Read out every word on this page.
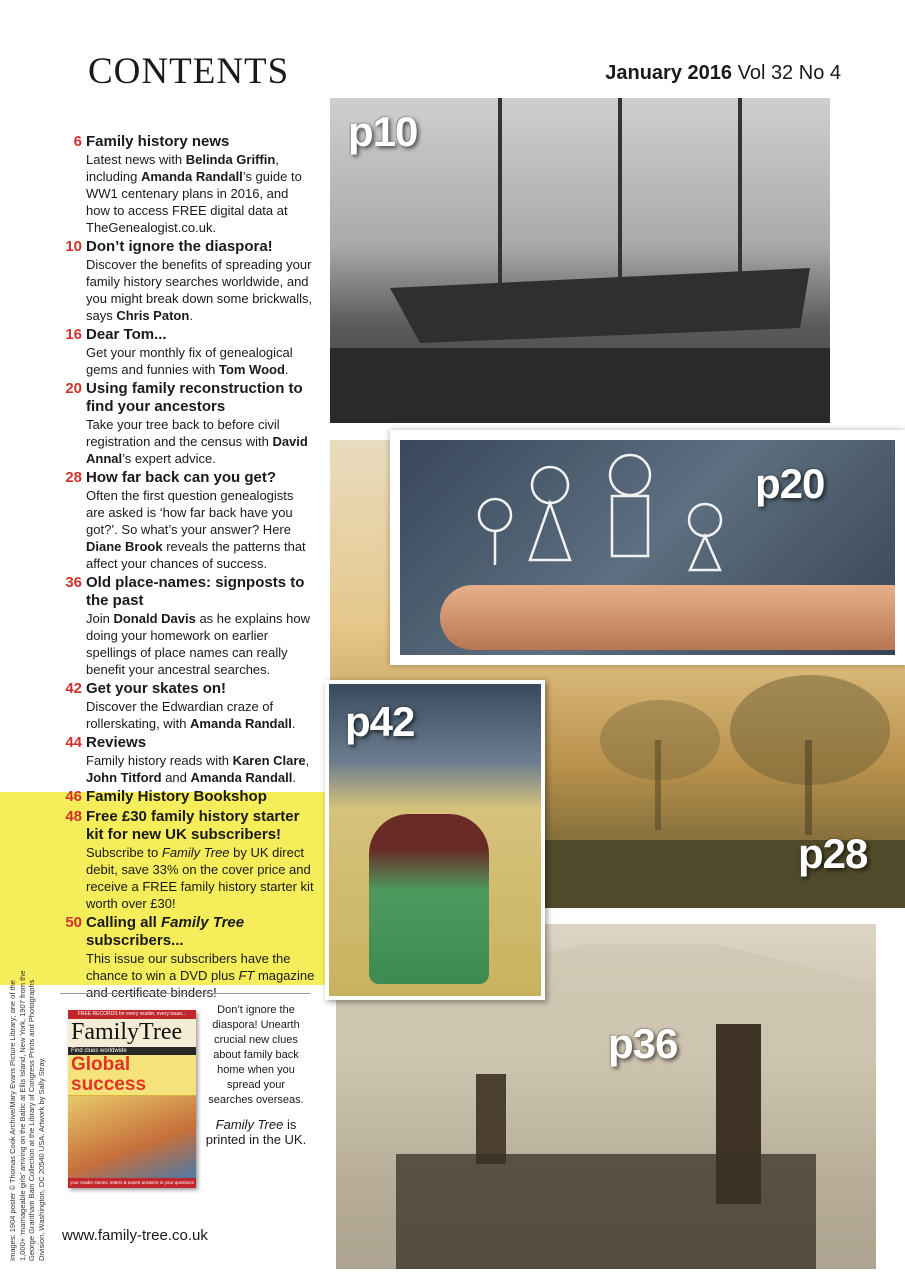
CONTENTS	January 2016 Vol 32 No 4
6 Family history news
Latest news with Belinda Griffin, including Amanda Randall’s guide to WW1 centenary plans in 2016, and how to access FREE digital data at TheGenealogist.co.uk.
10 Don’t ignore the diaspora!
Discover the benefits of spreading your family history searches worldwide, and you might break down some brickwalls, says Chris Paton.
16 Dear Tom...
Get your monthly fix of genealogical gems and funnies with Tom Wood.
20 Using family reconstruction to find your ancestors
Take your tree back to before civil registration and the census with David Annal’s expert advice.
28 How far back can you get?
Often the first question genealogists are asked is ‘how far back have you got?’. So what’s your answer? Here Diane Brook reveals the patterns that affect your chances of success.
36 Old place-names: signposts to the past
Join Donald Davis as he explains how doing your homework on earlier spellings of place names can really benefit your ancestral searches.
42 Get your skates on!
Discover the Edwardian craze of rollerskating, with Amanda Randall.
44 Reviews
Family history reads with Karen Clare, John Titford and Amanda Randall.
46 Family History Bookshop
48 Free £30 family history starter kit for new UK subscribers!
Subscribe to Family Tree by UK direct debit, save 33% on the cover price and receive a FREE family history starter kit worth over £30!
50 Calling all Family Tree subscribers...
This issue our subscribers have the chance to win a DVD plus FT magazine and certificate binders!
Images: 1904 poster © Thomas Cook Archive/Mary Evans Picture Library; one of the 1,000+ ‘marriageable girls’ arriving on the Baltic at Ellis Island, New York, 1907 from the George Grantham Bain Collection at the Library of Congress Prints and Photographs Division, Washington, DC 20540 USA. Artwork by Sally Stray.
FREE RECORDS for every reader, every issue...
FamilyTree
Find clues worldwide
Global success
your reader stories, letters & expert answers to your questions
Don’t ignore the diaspora! Unearth crucial new clues about family back home when you spread your searches overseas.
Family Tree is printed in the UK.
www.family-tree.co.uk
p28
p10
p20
p36
p42
